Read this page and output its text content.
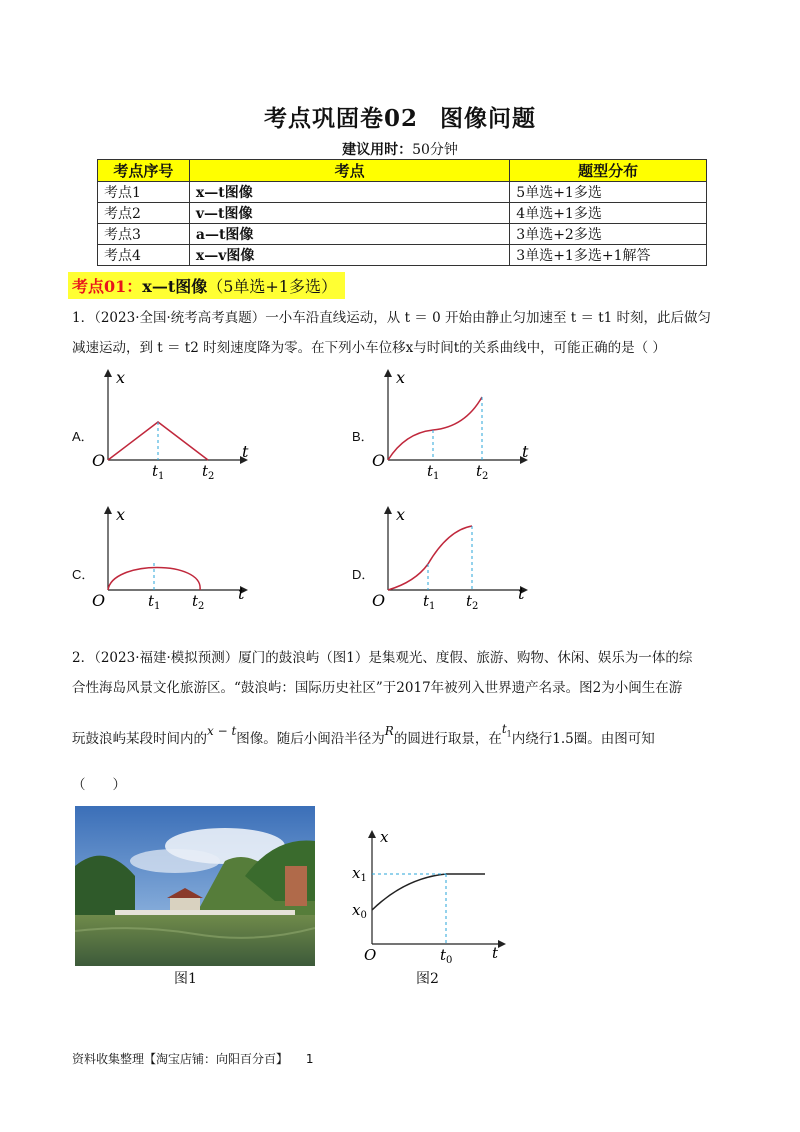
考点巩固卷02 图像问题
建议用时：50分钟
考点序号	考点	题型分布
考点1	x—t图像	5单选+1多选
考点2	v—t图像	4单选+1多选
考点3	a—t图像	3单选+2多选
考点4	x—v图像	3单选+1多选+1解答
考点01：x—t图像（5单选+1多选）
1．（2023·全国·统考高考真题）一小车沿直线运动，从 t ＝ 0 开始由静止匀加速至 t ＝ t1 时刻，此后做匀
减速运动，到 t ＝ t2 时刻速度降为零。在下列小车位移x与时间t的关系曲线中，可能正确的是（ ）
A．	B．
C．	D．
O	t
x
$t_1$	$t_2$
O	t
x
$t_1$ $t_2$
O	t
x
$t_1$ $t_2$	O	t
x
$t_1$ $t_2$
2．（2023·福建·模拟预测）厦门的鼓浪屿（图1）是集观光、度假、旅游、购物、休闲、娱乐为一体的综
合性海岛风景文化旅游区。“鼓浪屿：国际历史社区”于2017年被列入世界遗产名录。图2为小闽生在游
玩鼓浪屿某段时间内的x − t图像。随后小闽沿半径为R的圆进行取景，在$t_1$内绕行1.5圈。由图可知
（　　）
图1
x
t
O
$x_1$
$x_0$
$t_0$
图2
资料收集整理【淘宝店铺：向阳百分百】 1
